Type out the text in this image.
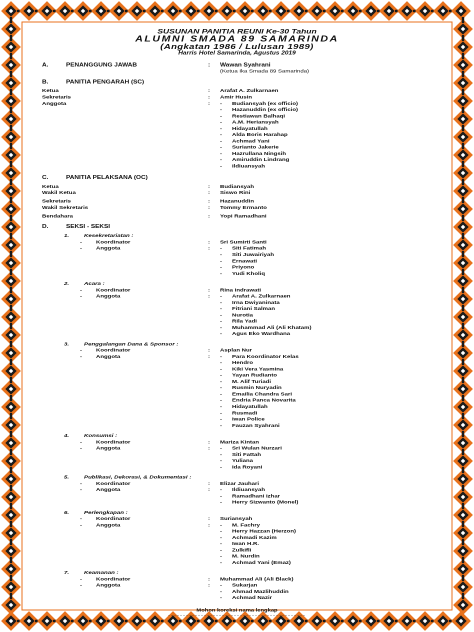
SUSUNAN PANITIA REUNI Ke-30 Tahun
ALUMNI SMADA 89 SAMARINDA
(Angkatan 1986 / Lulusan 1989)
Harris Hotel Samarinda, Agustus 2019
A.	PENANGGUNG JAWAB	: Wawan Syahrani
(Ketua Ika Smada 89 Samarinda)
B.	PANITIA PENGARAH (SC)
Ketua	: Arafat A. Zulkarnaen
Sekretaris	: Amir Husin
Anggota	: - Budiansyah (ex officio)
- Hazanuddin (ex officio)
- Restiawan Balhaqi
- A.M. Heriansyah
- Hidayatullah
- Alda Boris Harahap
- Achmad Yani
- Surianto Jakerie
- Hazrullana Ningsih
- Amiruddin Lindrang
- Ildiuansyah
C.	PANITIA PELAKSANA (OC)
Ketua	: Budiansyah
Wakil Ketua	: Siswo Rini
Sekretaris	: Hazanuddin
Wakil Sekretaris	: Tommy Ermanto
Bendahara	: Yopi Ramadhani
D.	SEKSI - SEKSI
1. Kesekretariatan :
- Koordinator	: Sri Sumirti Santi
- Anggota	: - Siti Fatimah
- Siti Juwairiyah
- Ernawati
- Priyono
- Yudi Kholiq
2. Acara :
- Koordinator	: Rina Indrawati
- Anggota	: - Arafat A. Zulkarnaen
- Irna Dwiyaninata
- Fitriani Salman
- Nurotia
- Rila Yadi
- Muhammad Ali (Ali Khatam)
- Agus Eko Wardhana
3. Penggalangan Dana & Sponsor :
- Koordinator	: Asplan Nur
- Anggota	: - Para Koordinator Kelas
- Hendro
- Kiki Vera Yasmina
- Yayan Rudianto
- M. Alif Turiadi
- Rusmin Nuryadin
- Emailia Chandra Sari
- Endria Panca Novarita
- Hidayatullah
- Rusmadi
- Iwan Police
- Fauzan Syahrani
4. Konsumsi :
- Koordinator	: Mariza Kintan
- Anggota	: - Sri Wulan Nurzari
- Siti Fattah
- Yuliana
- Ida Royani
5. Publikasi, Dekorasi, & Dokumentasi :
- Koordinator	: Elizar Jauhari
- Anggota	: - Ildiuansyah
- Ramadhani Izhar
- Herry Sizwanto (Monel)
6. Perlengkapan :
- Koordinator	: Suriansyah
- Anggota	: - M. Fachry
- Herry Hazzan (Herzon)
- Achmadi Kazim
- Iwan H.R.
- Zulkifli
- M. Nurdin
- Achmad Yani (Emaz)
7. Keamanan :
- Koordinator	: Muhammad Ali (Ali Black)
- Anggota	: - Sukarjan
- Ahmad Mazlihuddin
- Achmad Nazir
Mohon koreksi nama lengkap
----------------------------------------------
